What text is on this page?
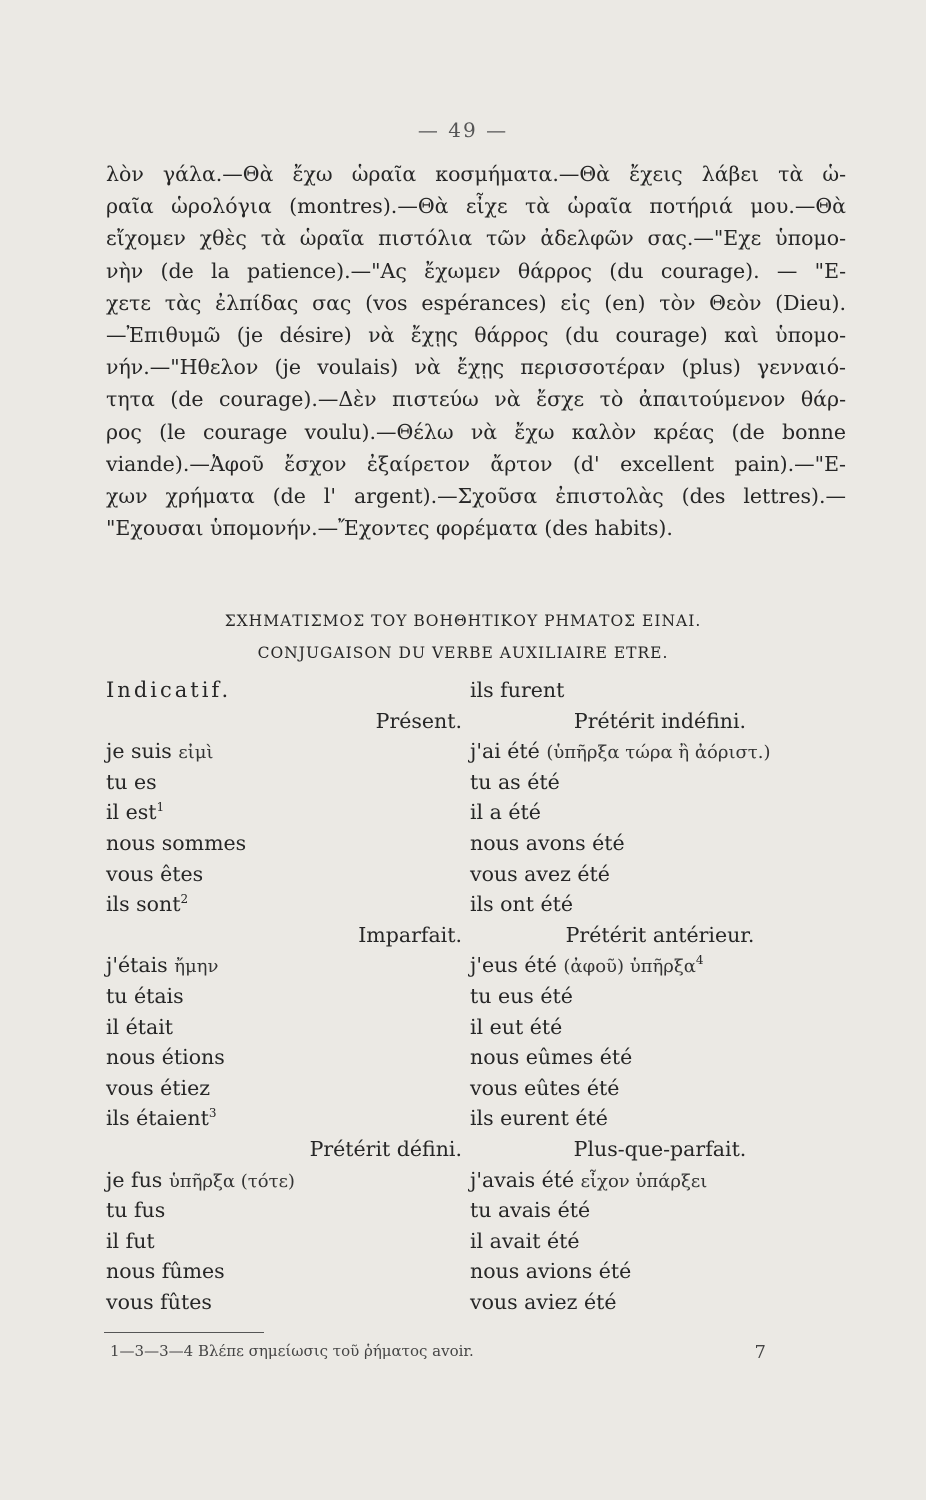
— 49 —
λὸν γάλα.—Θὰ ἔχω ὡραῖα κοσμήματα.—Θὰ ἔχεις λάβει τὰ ὡ-
ραῖα ὡρολόγια (montres).—Θὰ εἶχε τὰ ὡραῖα ποτήριά μου.—Θὰ
εἴχομεν χθὲς τὰ ὡραῖα πιστόλια τῶν ἀδελφῶν σας.—"Εχε ὑπομο-
νὴν (de la patience).—"Ας ἔχωμεν θάρρος (du courage). — "Ε-
χετε τὰς ἐλπίδας σας (vos espérances) εἰς (en) τὸν Θεὸν (Dieu).
—Ἐπιθυμῶ (je désire) νὰ ἔχῃς θάρρος (du courage) καὶ ὑπομο-
νήν.—"Ηθελον (je voulais) νὰ ἔχῃς περισσοτέραν (plus) γενναιό-
τητα (de courage).—Δὲν πιστεύω νὰ ἔσχε τὸ ἀπαιτούμενον θάρ-
ρος (le courage voulu).—Θέλω νὰ ἔχω καλὸν κρέας (de bonne
viande).—Ἀφοῦ ἔσχον ἐξαίρετον ἄρτον (d' excellent pain).—"Ε-
χων χρήματα (de l' argent).—Σχοῦσα ἐπιστολὰς (des lettres).—
"Εχουσαι ὑπομονήν.—Ἔχοντες φορέματα (des habits).
ΣΧΗΜΑΤΙΣΜΟΣ ΤΟΥ ΒΟΗΘΗΤΙΚΟΥ ΡΗΜΑΤΟΣ ΕΙΝΑΙ.
CONJUGAISON DU VERBE AUXILIAIRE ETRE.
Indicatif.
Présent.
je suis εἰμὶ
tu es
il est$^1$
nous sommes
vous êtes
ils sont$^2$
Imparfait.
j'étais ἤμην
tu étais
il était
nous étions
vous étiez
ils étaient$^3$
Prétérit défini.
je fus ὑπῆρξα (τότε)
tu fus
il fut
nous fûmes
vous fûtes
ils furent
Prétérit indéfini.
j'ai été (ὑπῆρξα τώρα ἢ ἀόριστ.)
tu as été
il a été
nous avons été
vous avez été
ils ont été
Prétérit antérieur.
j'eus été (ἀφοῦ) ὑπῆρξα$^4$
tu eus été
il eut été
nous eûmes été
vous eûtes été
ils eurent été
Plus-que-parfait.
j'avais été εἶχον ὑπάρξει
tu avais été
il avait été
nous avions été
vous aviez été
1—3—3—4 Βλέπε σημείωσις τοῦ ῥήματος avoir.	7
